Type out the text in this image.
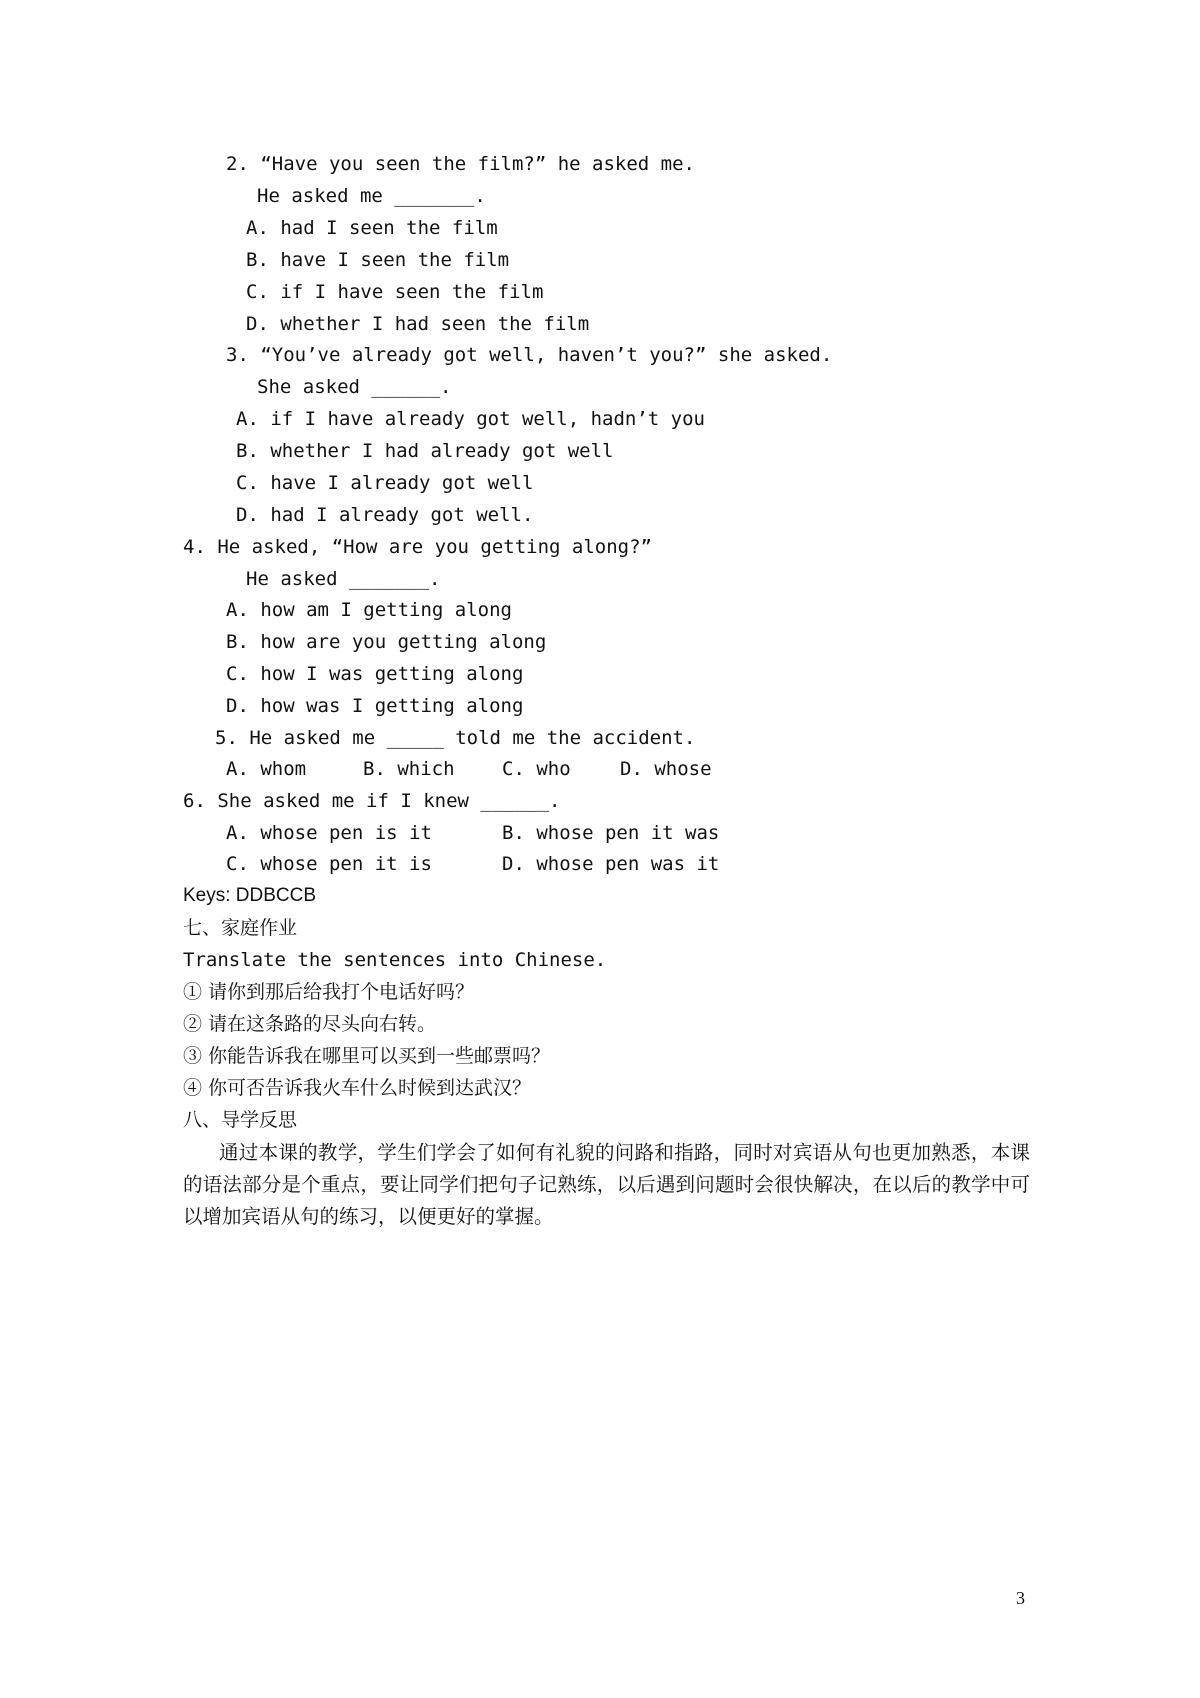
2. “Have you seen the film?” he asked me.
He asked me _______.
A. had I seen the film
B. have I seen the film
C. if I have seen the film
D. whether I had seen the film
3. “You’ve already got well, haven’t you?” she asked.
She asked ______.
A. if I have already got well, hadn’t you
B. whether I had already got well
C. have I already got well
D. had I already got well.
4. He asked, “How are you getting along?”
He asked _______.
A. how am I getting along
B. how are you getting along
C. how I was getting along
D. how was I getting along
5. He asked me _____ told me the accident.
A. whom	B. which C. who	D. whose
6. She asked me if I knew ______.
A. whose pen is it	B. whose pen it was
C. whose pen it is	D. whose pen was it
Keys: DDBCCB
七、家庭作业
Translate the sentences into Chinese.
① 请你到那后给我打个电话好吗？
② 请在这条路的尽头向右转。
③ 你能告诉我在哪里可以买到一些邮票吗？
④ 你可否告诉我火车什么时候到达武汉？
八、导学反思
通过本课的教学，学生们学会了如何有礼貌的问路和指路，同时对宾语从句也更加熟悉，本课的语法部分是个重点，要让同学们把句子记熟练，以后遇到问题时会很快解决，在以后的教学中可以增加宾语从句的练习，以便更好的掌握。
3
